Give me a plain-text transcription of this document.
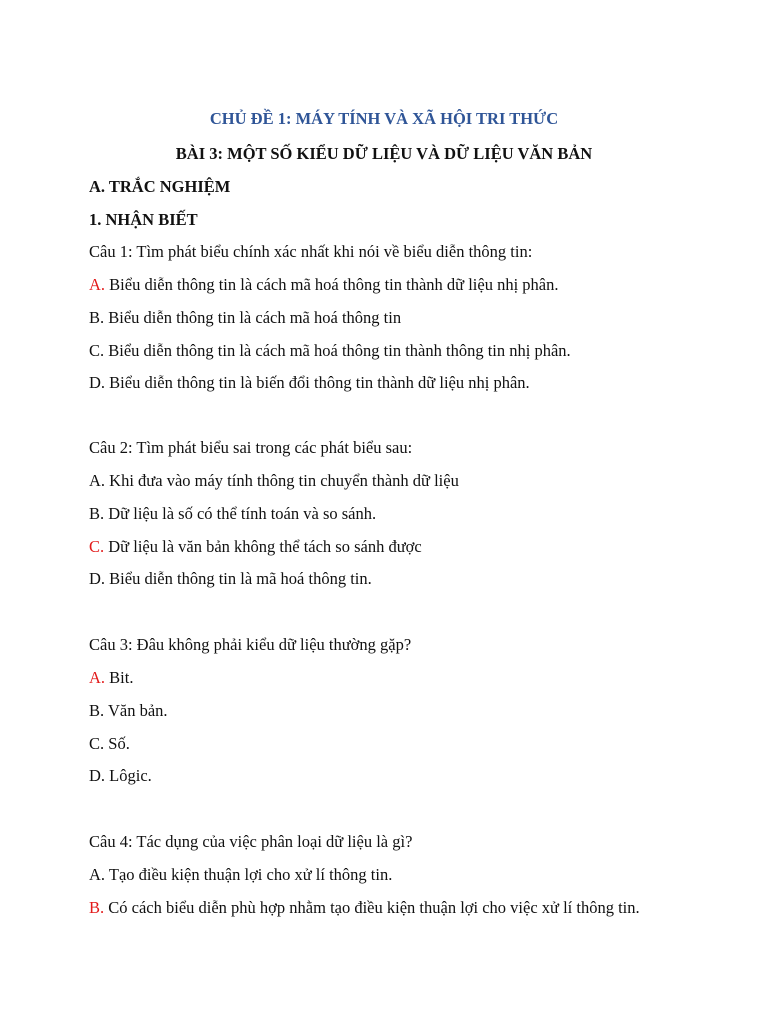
CHỦ ĐỀ 1: MÁY TÍNH VÀ XÃ HỘI TRI THỨC
BÀI 3: MỘT SỐ KIỂU DỮ LIỆU VÀ DỮ LIỆU VĂN BẢN
A. TRẮC NGHIỆM
1. NHẬN BIẾT
Câu 1: Tìm phát biểu chính xác nhất khi nói về biểu diễn thông tin:
A. Biểu diễn thông tin là cách mã hoá thông tin thành dữ liệu nhị phân.
B. Biểu diễn thông tin là cách mã hoá thông tin
C. Biểu diễn thông tin là cách mã hoá thông tin thành thông tin nhị phân.
D. Biểu diễn thông tin là biến đổi thông tin thành dữ liệu nhị phân.
Câu 2: Tìm phát biểu sai trong các phát biểu sau:
A. Khi đưa vào máy tính thông tin chuyển thành dữ liệu
B. Dữ liệu là số có thể tính toán và so sánh.
C. Dữ liệu là văn bản không thể tách so sánh được
D. Biểu diễn thông tin là mã hoá thông tin.
Câu 3: Đâu không phải kiểu dữ liệu thường gặp?
A. Bit.
B. Văn bản.
C. Số.
D. Lôgic.
Câu 4: Tác dụng của việc phân loại dữ liệu là gì?
A. Tạo điều kiện thuận lợi cho xử lí thông tin.
B. Có cách biểu diễn phù hợp nhằm tạo điều kiện thuận lợi cho việc xử lí thông tin.
